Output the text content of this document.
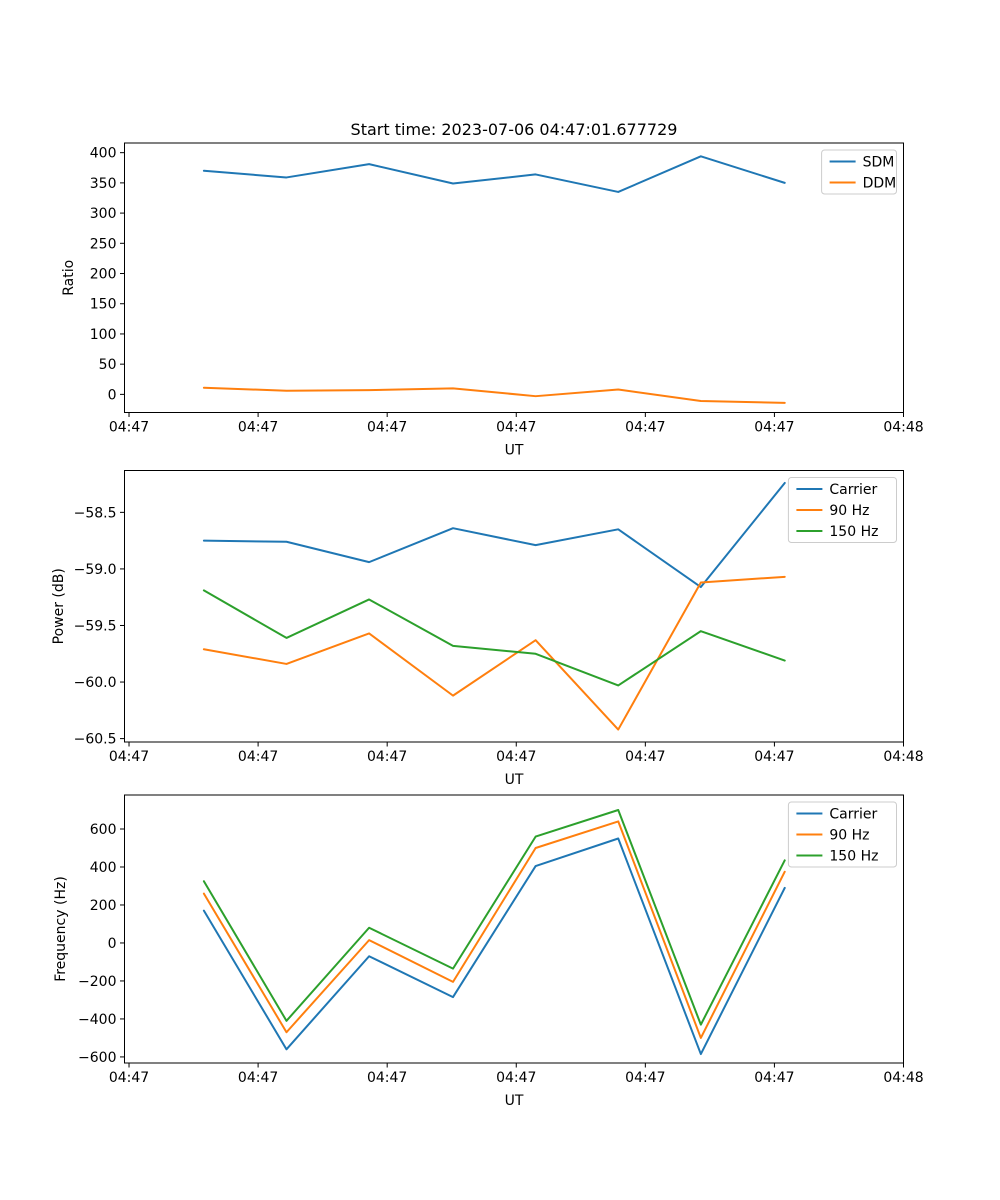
Start time: 2023-07-06 04:47:01.677729
0
50
100
150
200
250
300
350
400
04:47	04:47	04:47	04:47	04:47	04:47	04:48
Ratio
UT
SDM
DDM
−60.5
−60.0
−59.5
−59.0
−58.5
04:47	04:47	04:47	04:47	04:47	04:47	04:48
Power (dB)
UT
Carrier
90 Hz
150 Hz
−600
−400
−200
0
200
400
600
04:47	04:47	04:47	04:47	04:47	04:47	04:48
Frequency (Hz)
UT
Carrier
90 Hz
150 Hz
